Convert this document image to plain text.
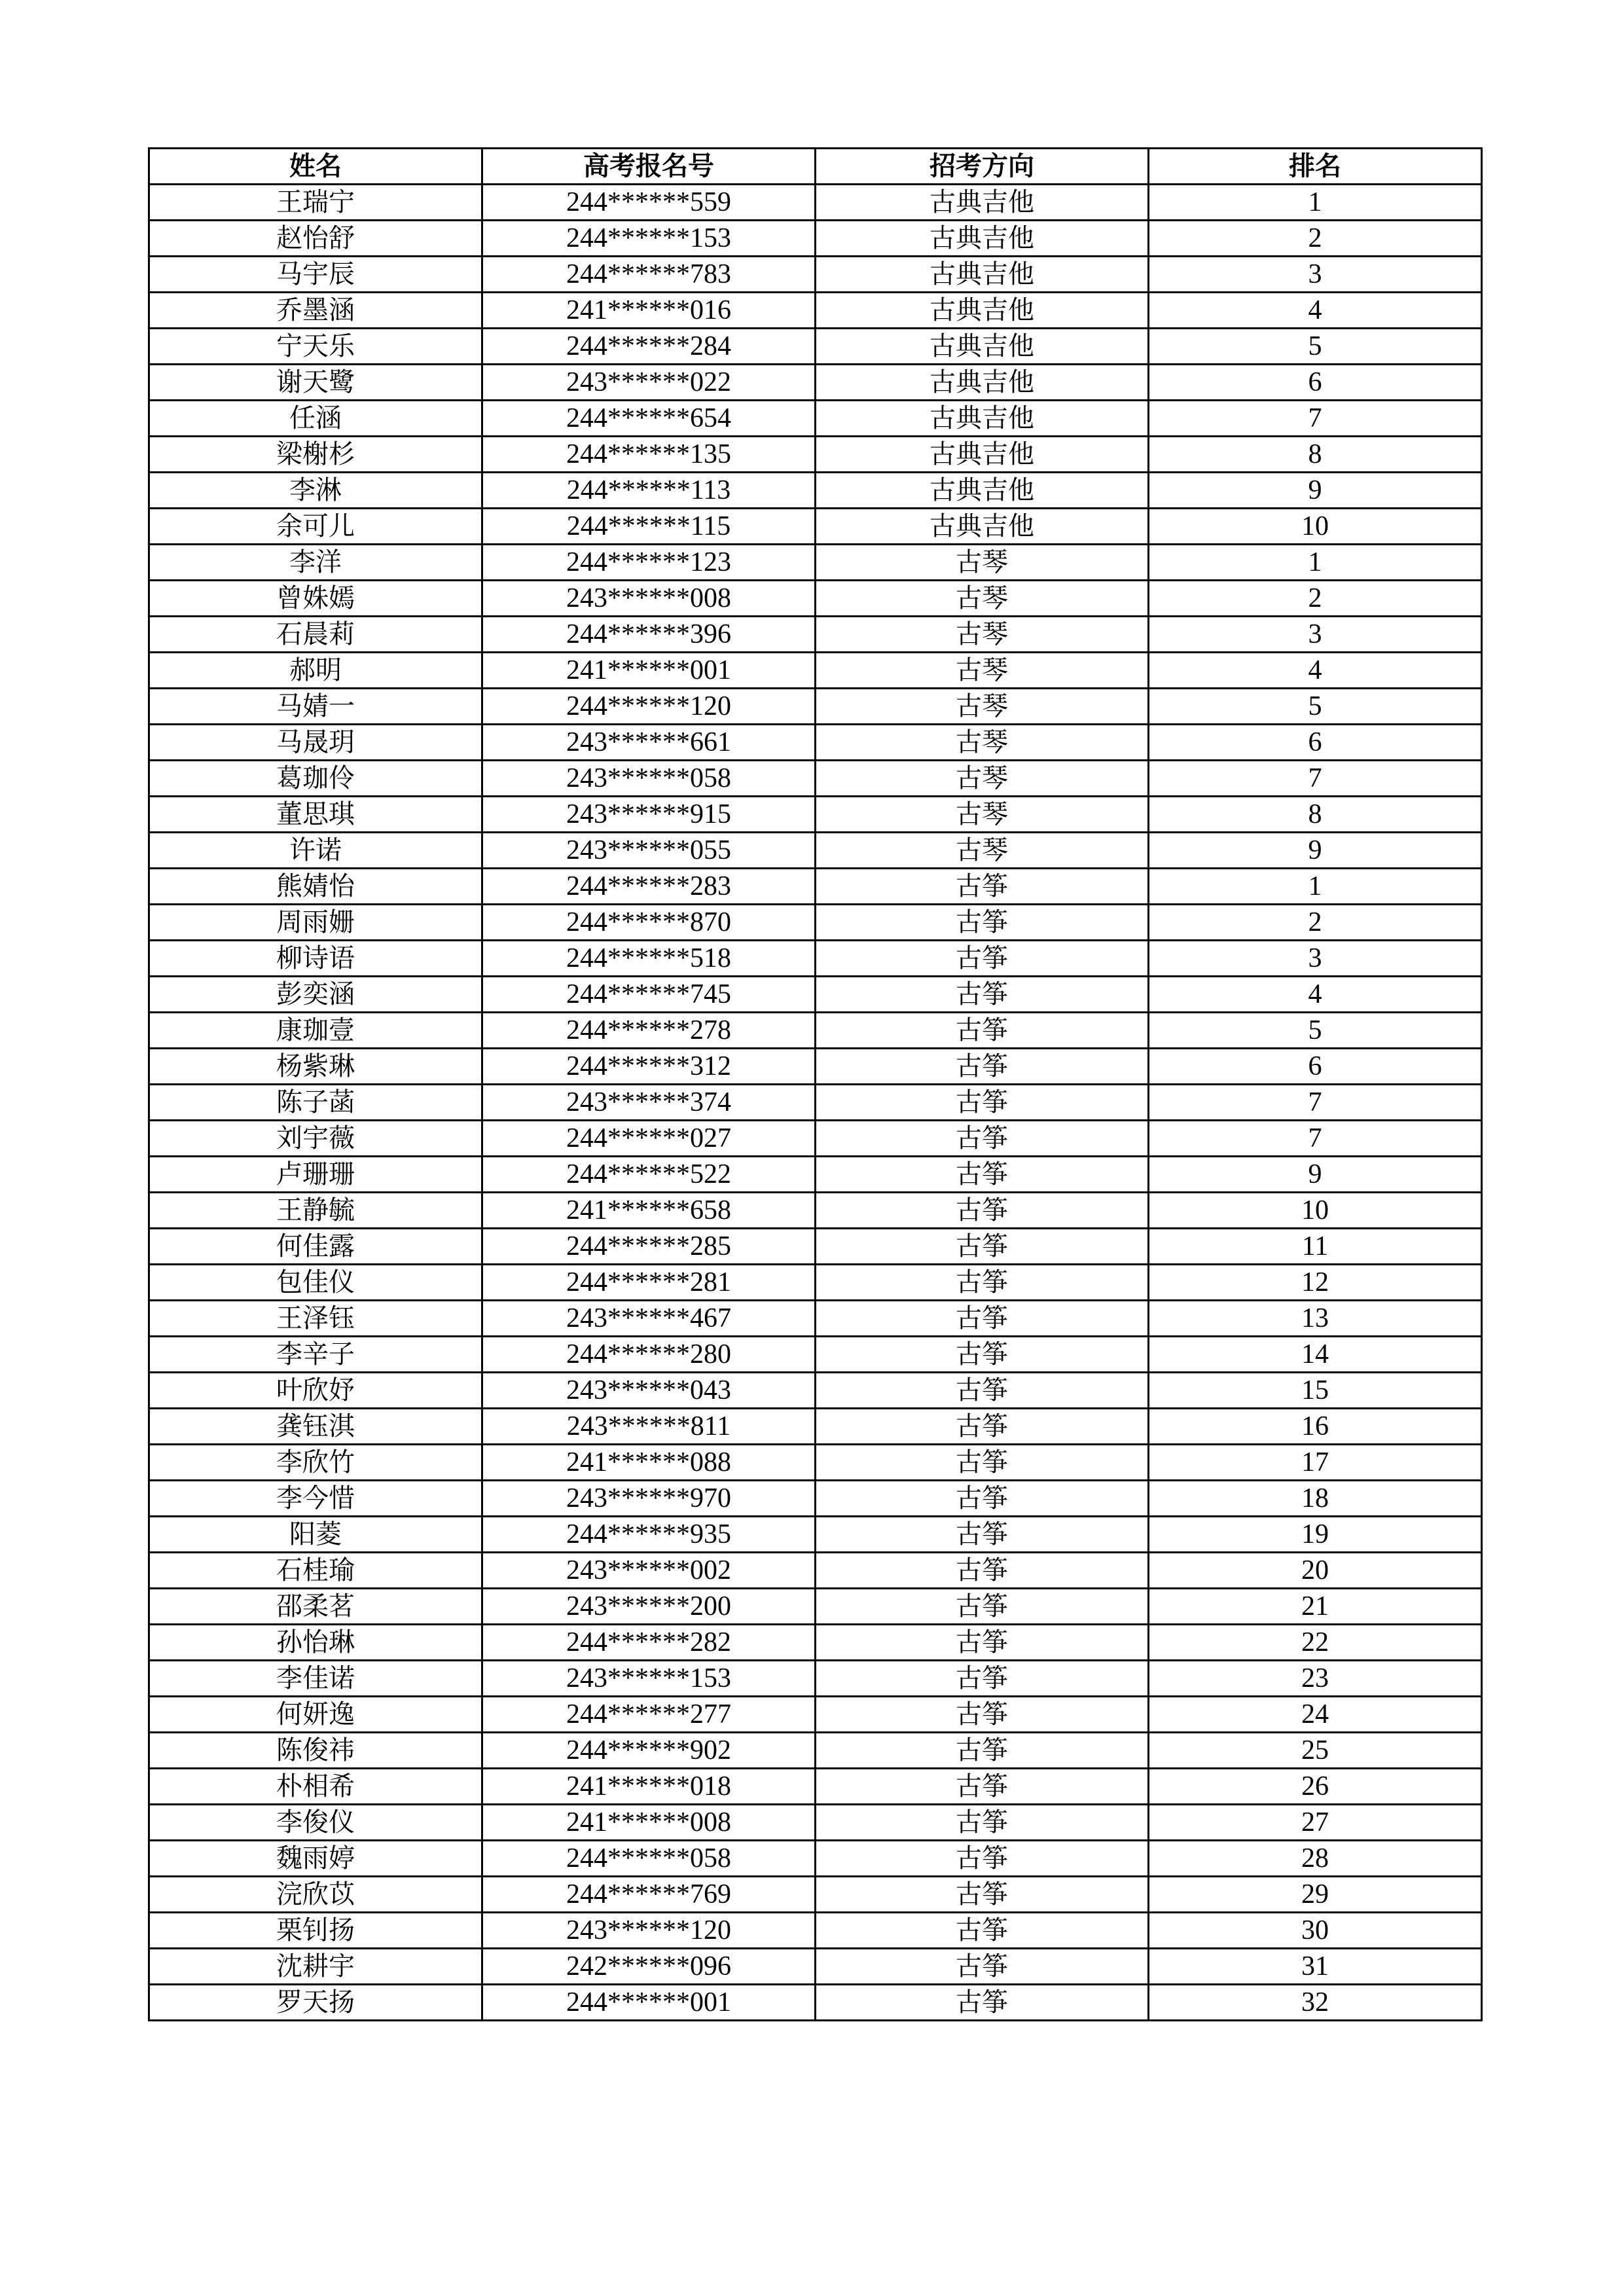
姓名	高考报名号	招考方向	排名
王瑞宁	244******559	古典吉他	1
赵怡舒	244******153	古典吉他	2
马宇辰	244******783	古典吉他	3
乔墨涵	241******016	古典吉他	4
宁天乐	244******284	古典吉他	5
谢天鹭	243******022	古典吉他	6
任涵	244******654	古典吉他	7
梁榭杉	244******135	古典吉他	8
李淋	244******113	古典吉他	9
余可儿	244******115	古典吉他	10
李洋	244******123	古琴	1
曾姝嫣	243******008	古琴	2
石晨莉	244******396	古琴	3
郝明	241******001	古琴	4
马婧一	244******120	古琴	5
马晟玥	243******661	古琴	6
葛珈伶	243******058	古琴	7
董思琪	243******915	古琴	8
许诺	243******055	古琴	9
熊婧怡	244******283	古筝	1
周雨姗	244******870	古筝	2
柳诗语	244******518	古筝	3
彭奕涵	244******745	古筝	4
康珈壹	244******278	古筝	5
杨紫琳	244******312	古筝	6
陈子菡	243******374	古筝	7
刘宇薇	244******027	古筝	7
卢珊珊	244******522	古筝	9
王静毓	241******658	古筝	10
何佳露	244******285	古筝	11
包佳仪	244******281	古筝	12
王泽钰	243******467	古筝	13
李辛子	244******280	古筝	14
叶欣妤	243******043	古筝	15
龚钰淇	243******811	古筝	16
李欣竹	241******088	古筝	17
李今惜	243******970	古筝	18
阳菱	244******935	古筝	19
石桂瑜	243******002	古筝	20
邵柔茗	243******200	古筝	21
孙怡琳	244******282	古筝	22
李佳诺	243******153	古筝	23
何妍逸	244******277	古筝	24
陈俊祎	244******902	古筝	25
朴相希	241******018	古筝	26
李俊仪	241******008	古筝	27
魏雨婷	244******058	古筝	28
浣欣苡	244******769	古筝	29
栗钊扬	243******120	古筝	30
沈耕宇	242******096	古筝	31
罗天扬	244******001	古筝	32
